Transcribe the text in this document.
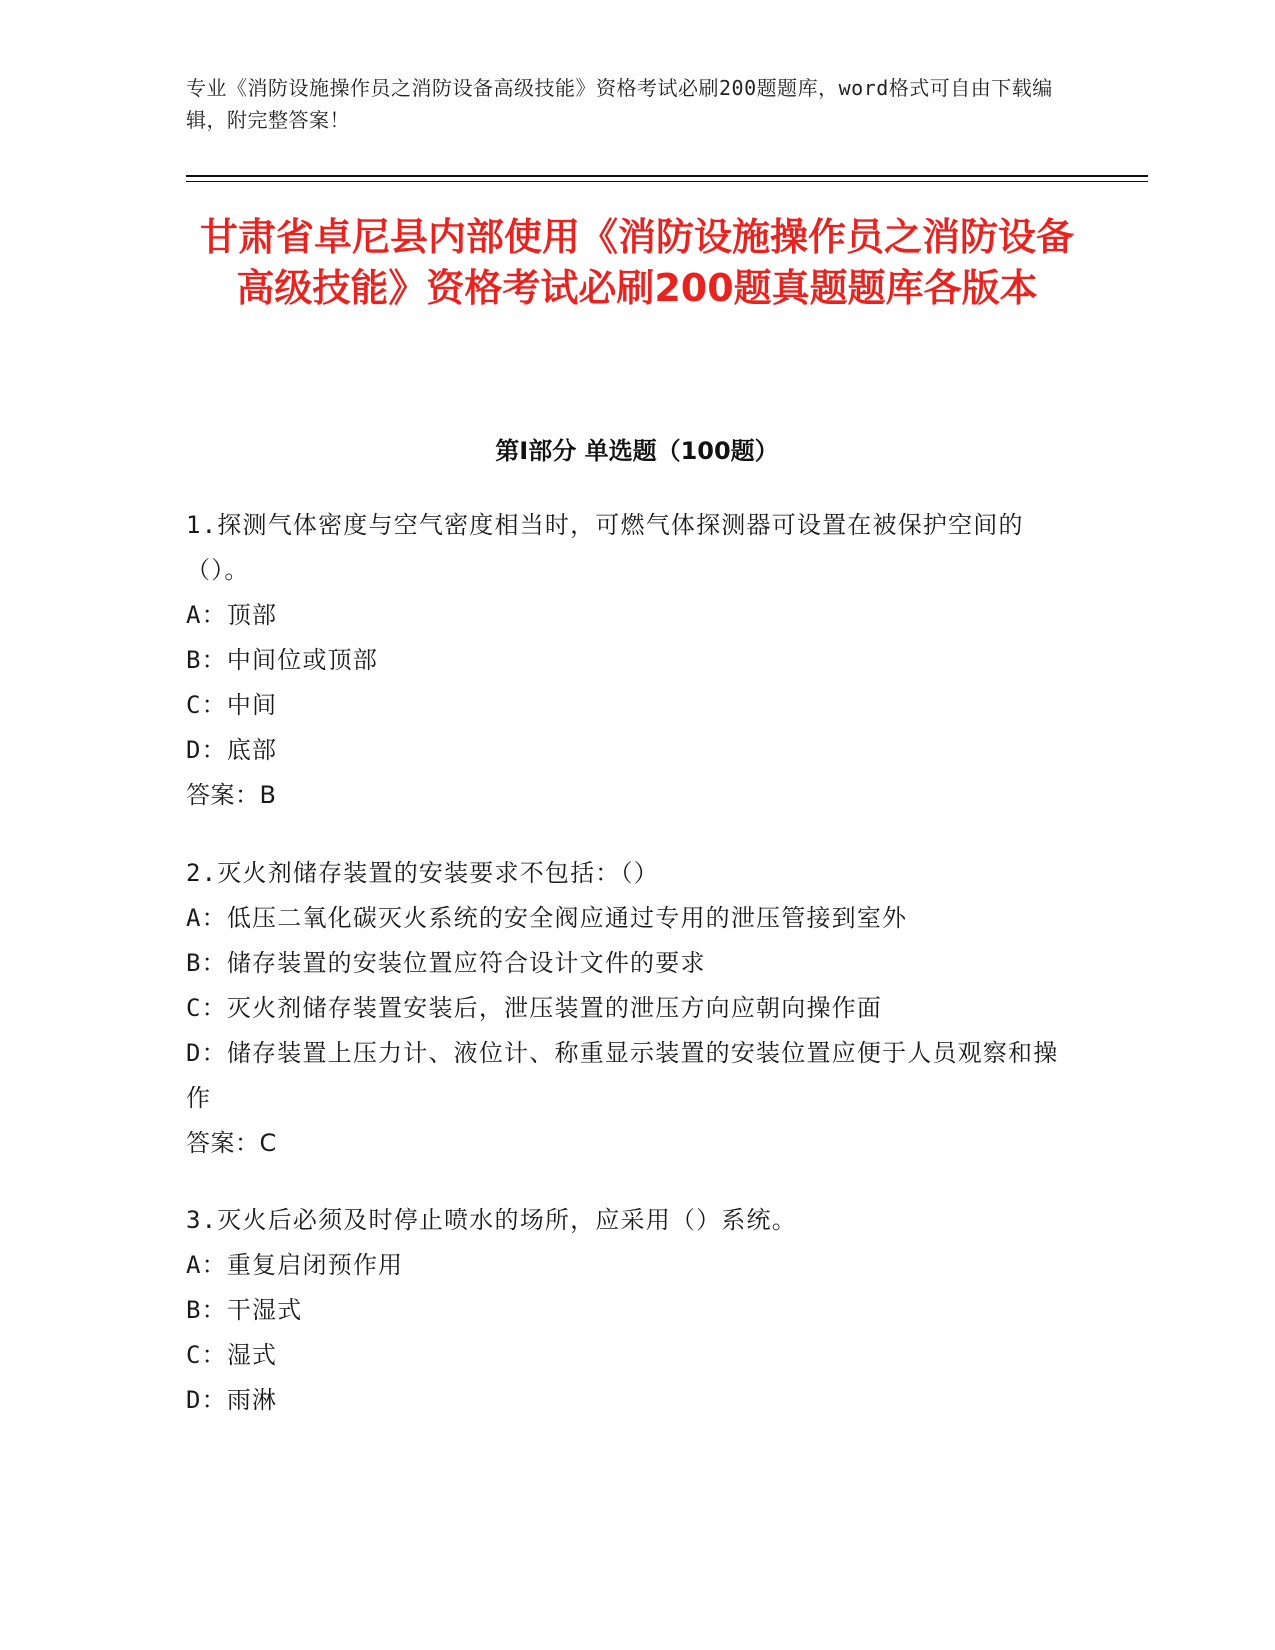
专业《消防设施操作员之消防设备高级技能》资格考试必刷200题题库，word格式可自由下载编辑，附完整答案！
甘肃省卓尼县内部使用《消防设施操作员之消防设备高级技能》资格考试必刷200题真题题库各版本
第Ⅰ部分 单选题（100题）

1.探测气体密度与空气密度相当时，可燃气体探测器可设置在被保护空间的（）。

A：顶部

B：中间位或顶部

C：中间

D：底部

答案：B

2.灭火剂储存装置的安装要求不包括：（）

A：低压二氧化碳灭火系统的安全阀应通过专用的泄压管接到室外

B：储存装置的安装位置应符合设计文件的要求

C：灭火剂储存装置安装后，泄压装置的泄压方向应朝向操作面

D：储存装置上压力计、液位计、称重显示装置的安装位置应便于人员观察和操作

答案：C

3.灭火后必须及时停止喷水的场所，应采用（）系统。

A：重复启闭预作用

B：干湿式

C：湿式

D：雨淋
